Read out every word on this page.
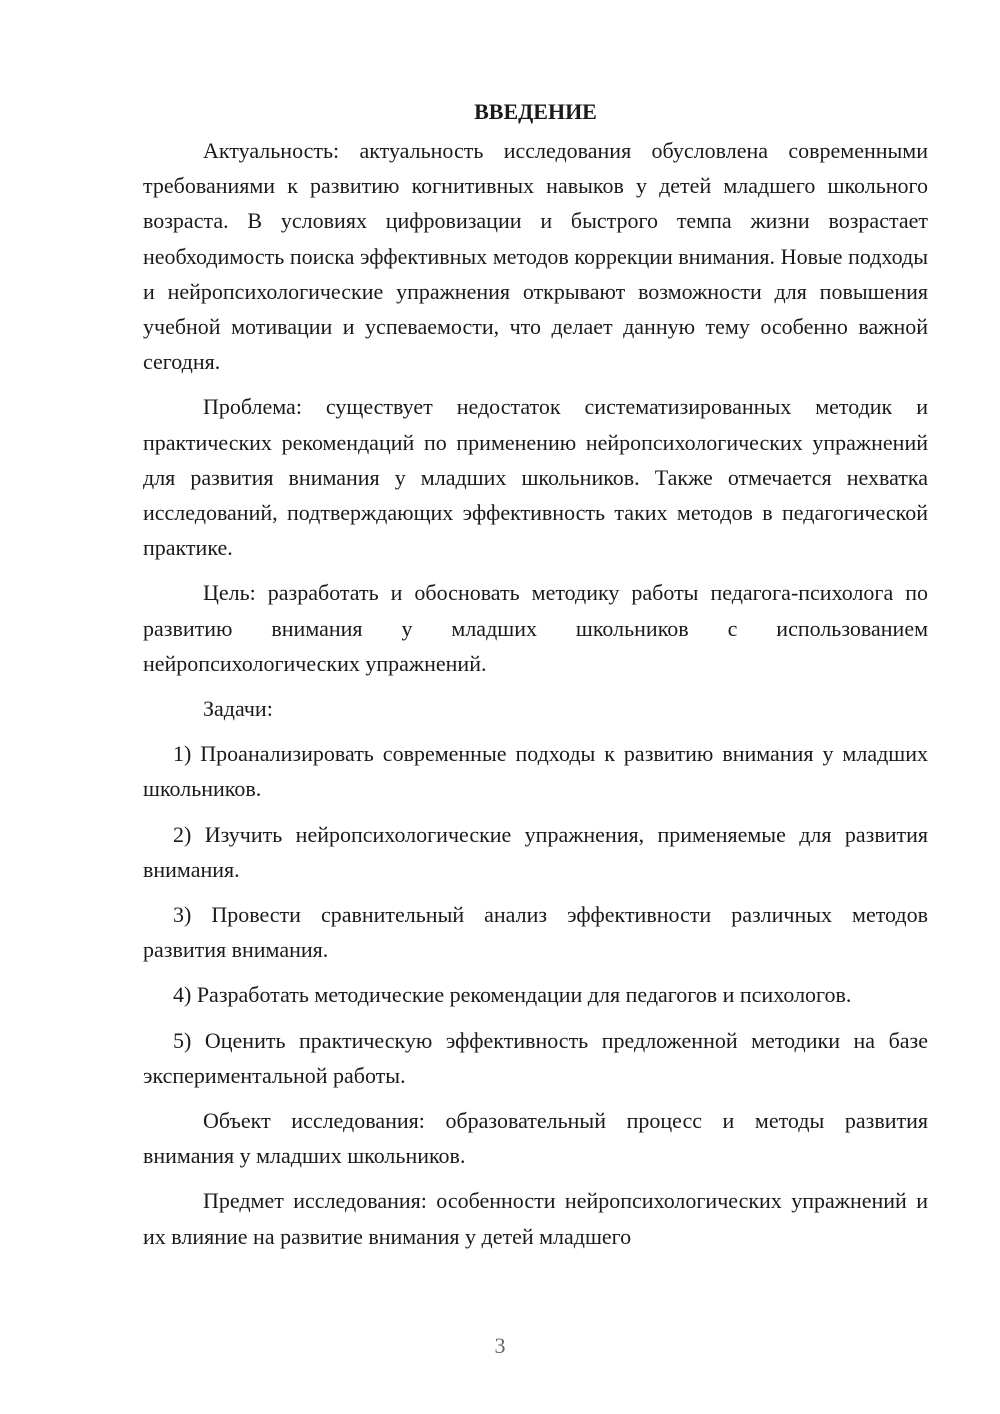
ВВЕДЕНИЕ

Актуальность: актуальность исследования обусловлена современными требованиями к развитию когнитивных навыков у детей младшего школьного возраста. В условиях цифровизации и быстрого темпа жизни возрастает необходимость поиска эффективных методов коррекции внимания. Новые подходы и нейропсихологические упражнения открывают возможности для повышения учебной мотивации и успеваемости, что делает данную тему особенно важной сегодня.

Проблема: существует недостаток систематизированных методик и практических рекомендаций по применению нейропсихологических упражнений для развития внимания у младших школьников. Также отмечается нехватка исследований, подтверждающих эффективность таких методов в педагогической практике.

Цель: разработать и обосновать методику работы педагога-психолога по развитию внимания у младших школьников с использованием нейропсихологических упражнений.

Задачи:

1) Проанализировать современные подходы к развитию внимания у младших школьников.

2) Изучить нейропсихологические упражнения, применяемые для развития внимания.

3) Провести сравнительный анализ эффективности различных методов развития внимания.

4) Разработать методические рекомендации для педагогов и психологов.

5) Оценить практическую эффективность предложенной методики на базе экспериментальной работы.

Объект исследования: образовательный процесс и методы развития внимания у младших школьников.

Предмет исследования: особенности нейропсихологических упражнений и их влияние на развитие внимания у детей младшего

3
